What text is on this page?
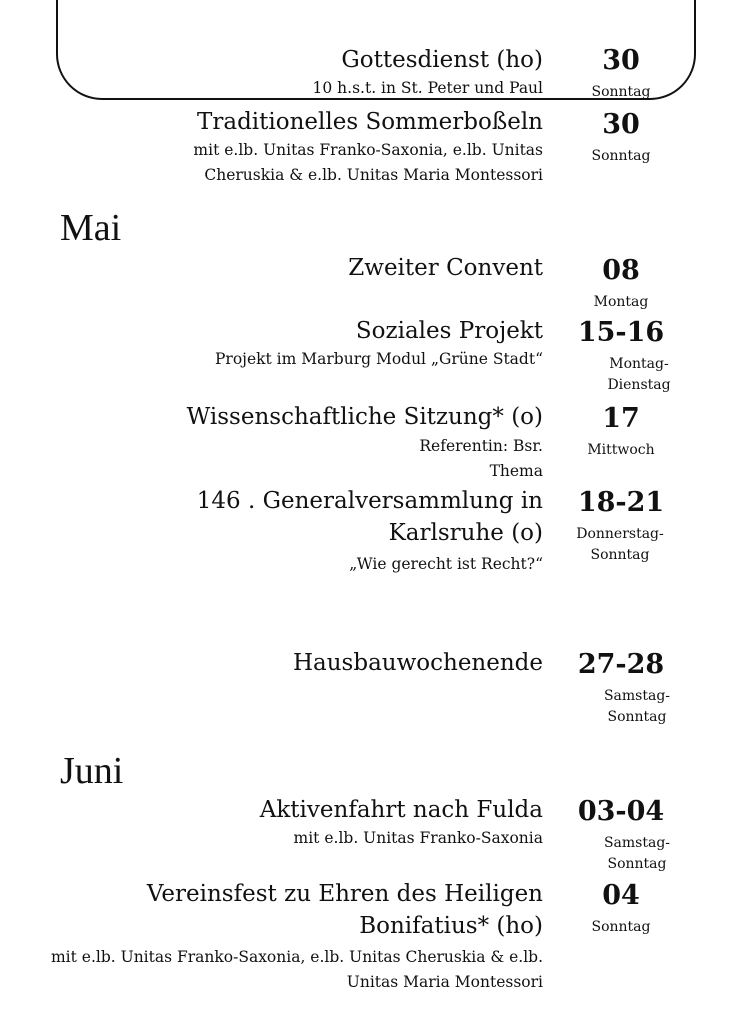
Gottesdienst (ho)
10 h.s.t. in St. Peter und Paul
30
Sonntag
Traditionelles Sommerboßeln
mit e.lb. Unitas Franko-Saxonia, e.lb. Unitas Cheruskia & e.lb. Unitas Maria Montessori
30
Sonntag
Mai
Zweiter Convent	08
Montag
Soziales Projekt
Projekt im Marburg Modul „Grüne Stadt“
15-16
Montag-Dienstag
Wissenschaftliche Sitzung* (o)
Referentin: Bsr. Thema
17
Mittwoch
146 . Generalversammlung in Karlsruhe (o)
„Wie gerecht ist Recht?“
18-21
Donnerstag-Sonntag
Hausbauwochenende	27-28
Samstag-Sonntag
Juni
Aktivenfahrt nach Fulda
mit e.lb. Unitas Franko-Saxonia
03-04
Samstag-Sonntag
Vereinsfest zu Ehren des Heiligen Bonifatius* (ho)
mit e.lb. Unitas Franko-Saxonia, e.lb. Unitas Cheruskia & e.lb. Unitas Maria Montessori
04
Sonntag
